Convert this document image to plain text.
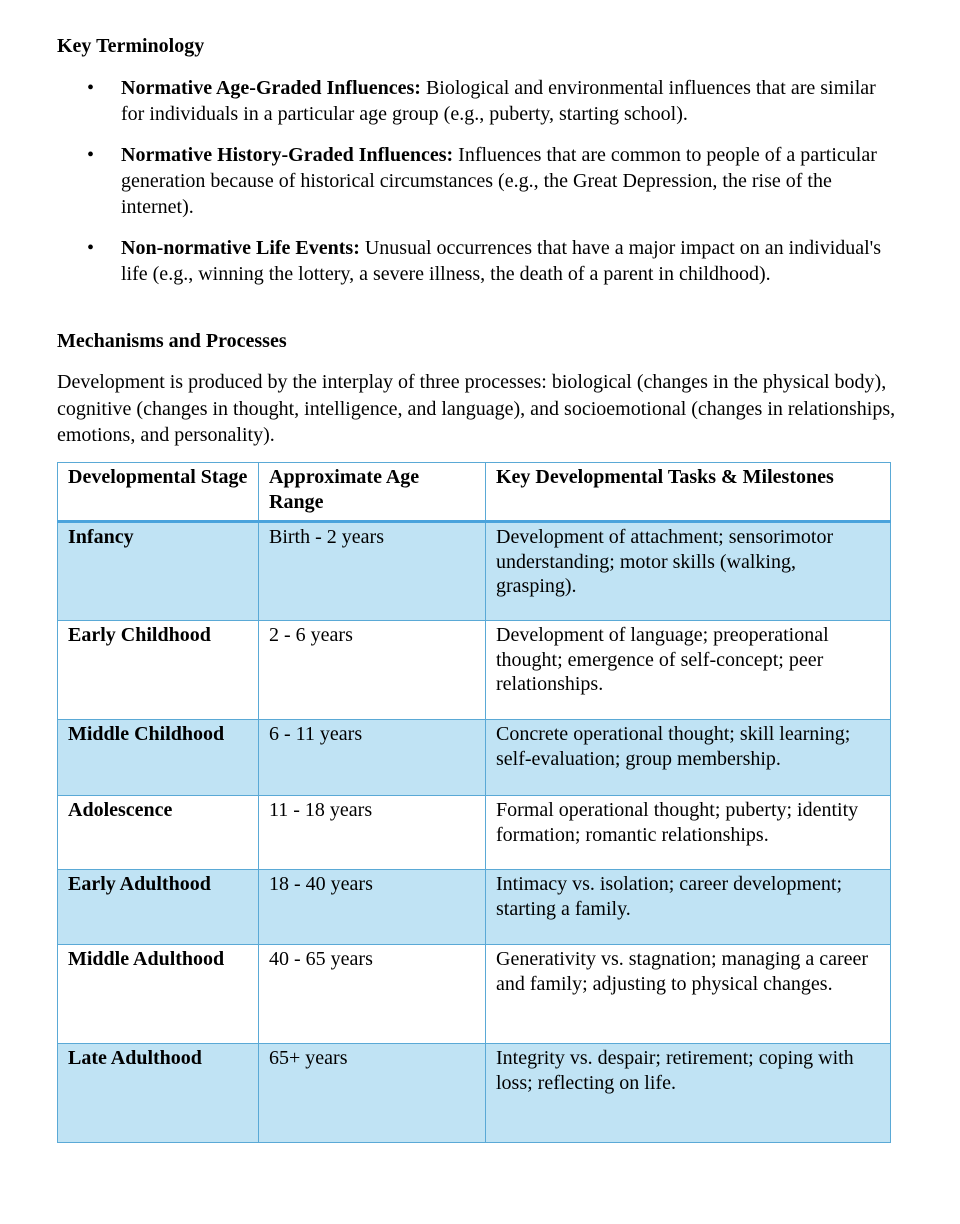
Key Terminology
• Normative Age-Graded Influences: Biological and environmental influences that are similar for individuals in a particular age group (e.g., puberty, starting school).
• Normative History-Graded Influences: Influences that are common to people of a particular generation because of historical circumstances (e.g., the Great Depression, the rise of the internet).
• Non-normative Life Events: Unusual occurrences that have a major impact on an individual's life (e.g., winning the lottery, a severe illness, the death of a parent in childhood).
Mechanisms and Processes
Development is produced by the interplay of three processes: biological (changes in the physical body), cognitive (changes in thought, intelligence, and language), and socioemotional (changes in relationships, emotions, and personality).
Developmental Stage	Approximate Age Range	Key Developmental Tasks & Milestones
Infancy	Birth - 2 years	Development of attachment; sensorimotor understanding; motor skills (walking, grasping).
Early Childhood	2 - 6 years	Development of language; preoperational thought; emergence of self-concept; peer relationships.
Middle Childhood	6 - 11 years	Concrete operational thought; skill learning; self-evaluation; group membership.
Adolescence	11 - 18 years	Formal operational thought; puberty; identity formation; romantic relationships.
Early Adulthood	18 - 40 years	Intimacy vs. isolation; career development; starting a family.
Middle Adulthood	40 - 65 years	Generativity vs. stagnation; managing a career and family; adjusting to physical changes.
Late Adulthood	65+ years	Integrity vs. despair; retirement; coping with loss; reflecting on life.
